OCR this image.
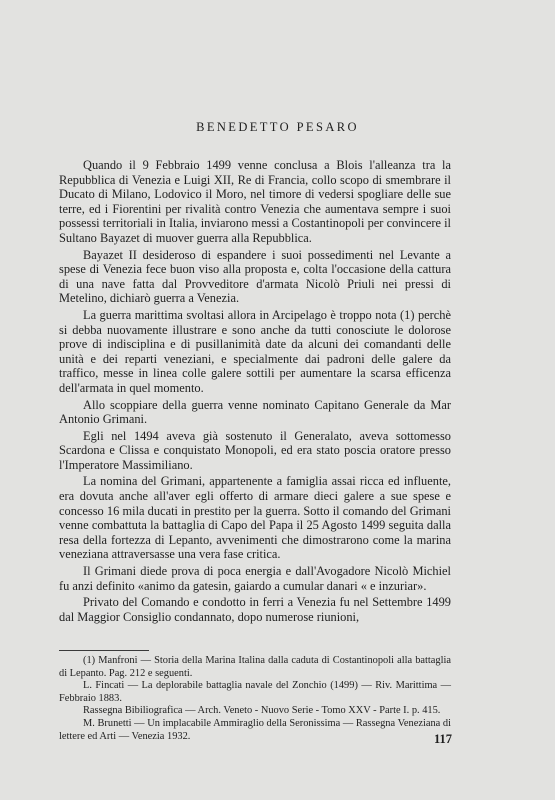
BENEDETTO PESARO

Quando il 9 Febbraio 1499 venne conclusa a Blois l'alleanza tra la Repubblica di Venezia e Luigi XII, Re di Francia, collo scopo di smembrare il Ducato di Milano, Lodovico il Moro, nel timore di vedersi spogliare delle sue terre, ed i Fiorentini per rivalità contro Venezia che aumentava sempre i suoi possessi territoriali in Italia, inviarono messi a Costantinopoli per convincere il Sultano Bayazet di muover guerra alla Repubblica.

Bayazet II desideroso di espandere i suoi possedimenti nel Levante a spese di Venezia fece buon viso alla proposta e, colta l'occasione della cattura di una nave fatta dal Provveditore d'armata Nicolò Priuli nei pressi di Metelino, dichiarò guerra a Venezia.

La guerra marittima svoltasi allora in Arcipelago è troppo nota (1) perchè si debba nuovamente illustrare e sono anche da tutti conosciute le dolorose prove di indisciplina e di pusillanimità date da alcuni dei comandanti delle unità e dei reparti veneziani, e specialmente dai padroni delle galere da traffico, messe in linea colle galere sottili per aumentare la scarsa efficenza dell'armata in quel momento.

Allo scoppiare della guerra venne nominato Capitano Generale da Mar Antonio Grimani.

Egli nel 1494 aveva già sostenuto il Generalato, aveva sottomesso Scardona e Clissa e conquistato Monopoli, ed era stato poscia oratore presso l'Imperatore Massimiliano.

La nomina del Grimani, appartenente a famiglia assai ricca ed influente, era dovuta anche all'aver egli offerto di armare dieci galere a sue spese e concesso 16 mila ducati in prestito per la guerra. Sotto il comando del Grimani venne combattuta la battaglia di Capo del Papa il 25 Agosto 1499 seguita dalla resa della fortezza di Lepanto, avvenimenti che dimostrarono come la marina veneziana attraversasse una vera fase critica.

Il Grimani diede prova di poca energia e dall'Avogadore Nicolò Michiel fu anzi definito «animo da gatesin, gaiardo a cumular danari « e inzuriar».

Privato del Comando e condotto in ferri a Venezia fu nel Settembre 1499 dal Maggior Consiglio condannato, dopo numerose riunioni,

(1) Manfroni — Storia della Marina Italina dalla caduta di Costantinopoli alla battaglia di Lepanto. Pag. 212 e seguenti.

L. Fincati — La deplorabile battaglia navale del Zonchio (1499) — Riv. Marittima — Febbraio 1883.

Rassegna Bibiliografica — Arch. Veneto - Nuovo Serie - Tomo XXV - Parte I. p. 415.

M. Brunetti — Un implacabile Ammiraglio della Seronissima — Rassegna Veneziana di lettere ed Arti — Venezia 1932.	117
